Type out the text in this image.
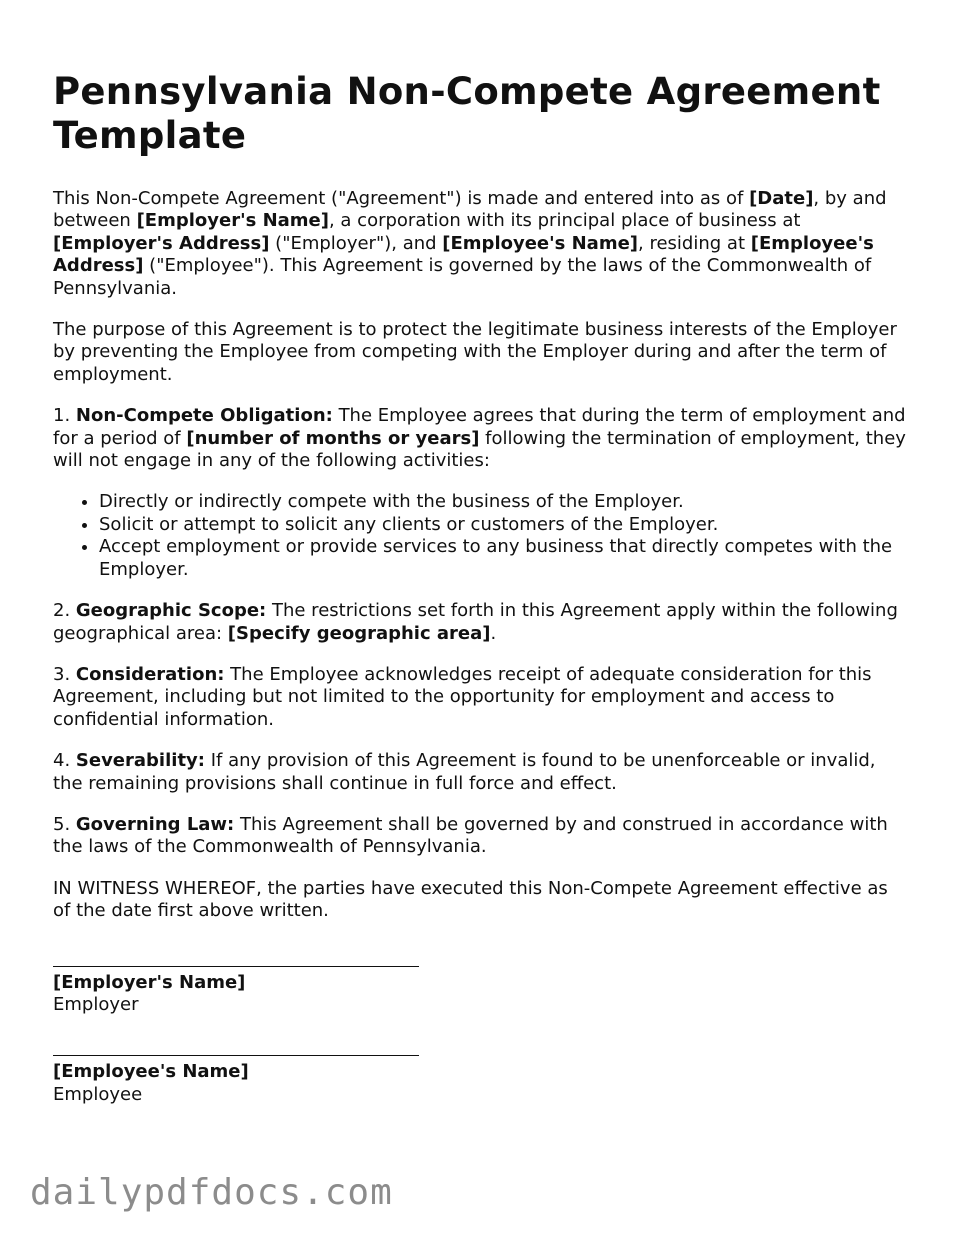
Pennsylvania Non-Compete Agreement Template

This Non-Compete Agreement ("Agreement") is made and entered into as of [Date], by and between [Employer's Name], a corporation with its principal place of business at [Employer's Address] ("Employer"), and [Employee's Name], residing at [Employee's Address] ("Employee"). This Agreement is governed by the laws of the Commonwealth of Pennsylvania.

The purpose of this Agreement is to protect the legitimate business interests of the Employer by preventing the Employee from competing with the Employer during and after the term of employment.

1. Non-Compete Obligation: The Employee agrees that during the term of employment and for a period of [number of months or years] following the termination of employment, they will not engage in any of the following activities:

• Directly or indirectly compete with the business of the Employer.
• Solicit or attempt to solicit any clients or customers of the Employer.
• Accept employment or provide services to any business that directly competes with the Employer.

2. Geographic Scope: The restrictions set forth in this Agreement apply within the following geographical area: [Specify geographic area].

3. Consideration: The Employee acknowledges receipt of adequate consideration for this Agreement, including but not limited to the opportunity for employment and access to confidential information.

4. Severability: If any provision of this Agreement is found to be unenforceable or invalid, the remaining provisions shall continue in full force and effect.

5. Governing Law: This Agreement shall be governed by and construed in accordance with the laws of the Commonwealth of Pennsylvania.

IN WITNESS WHEREOF, the parties have executed this Non-Compete Agreement effective as of the date first above written.

[Employer's Name]
Employer
[Employee's Name]
Employee
dailypdfdocs.com
